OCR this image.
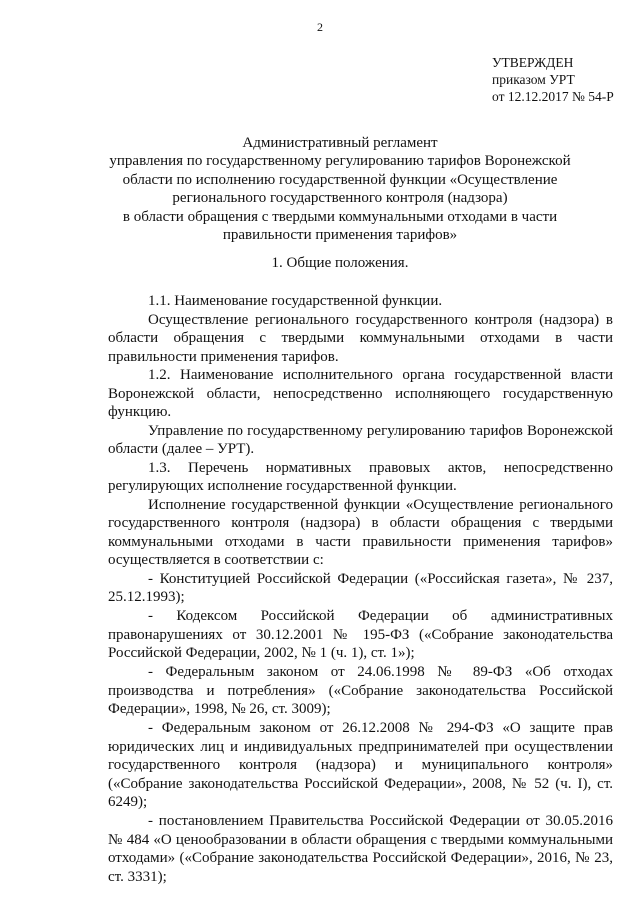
2
УТВЕРЖДЕН
приказом УРТ
от 12.12.2017 № 54-Р
Административный регламент
управления по государственному регулированию тарифов Воронежской
области по исполнению государственной функции «Осуществление
регионального государственного контроля (надзора)
в области обращения с твердыми коммунальными отходами в части
правильности применения тарифов»
1. Общие положения.

1.1. Наименование государственной функции.

Осуществление регионального государственного контроля (надзора) в области обращения с твердыми коммунальными отходами в части правильности применения тарифов.

1.2. Наименование исполнительного органа государственной власти Воронежской области, непосредственно исполняющего государственную функцию.

Управление по государственному регулированию тарифов Воронежской области (далее – УРТ).

1.3. Перечень нормативных правовых актов, непосредственно регулирующих исполнение государственной функции.

Исполнение государственной функции «Осуществление регионального государственного контроля (надзора) в области обращения с твердыми коммунальными отходами в части правильности применения тарифов» осуществляется в соответствии с:

- Конституцией Российской Федерации («Российская газета», № 237, 25.12.1993);

- Кодексом Российской Федерации об административных правонарушениях от 30.12.2001 № 195-ФЗ («Собрание законодательства Российской Федерации, 2002, № 1 (ч. 1), ст. 1»);

- Федеральным законом от 24.06.1998 № 89-ФЗ «Об отходах производства и потребления» («Собрание законодательства Российской Федерации», 1998, № 26, ст. 3009);

- Федеральным законом от 26.12.2008 № 294-ФЗ «О защите прав юридических лиц и индивидуальных предпринимателей при осуществлении государственного контроля (надзора) и муниципального контроля» («Собрание законодательства Российской Федерации», 2008, № 52 (ч. I), ст. 6249);

- постановлением Правительства Российской Федерации от 30.05.2016 № 484 «О ценообразовании в области обращения с твердыми коммунальными отходами» («Собрание законодательства Российской Федерации», 2016, № 23, ст. 3331);
